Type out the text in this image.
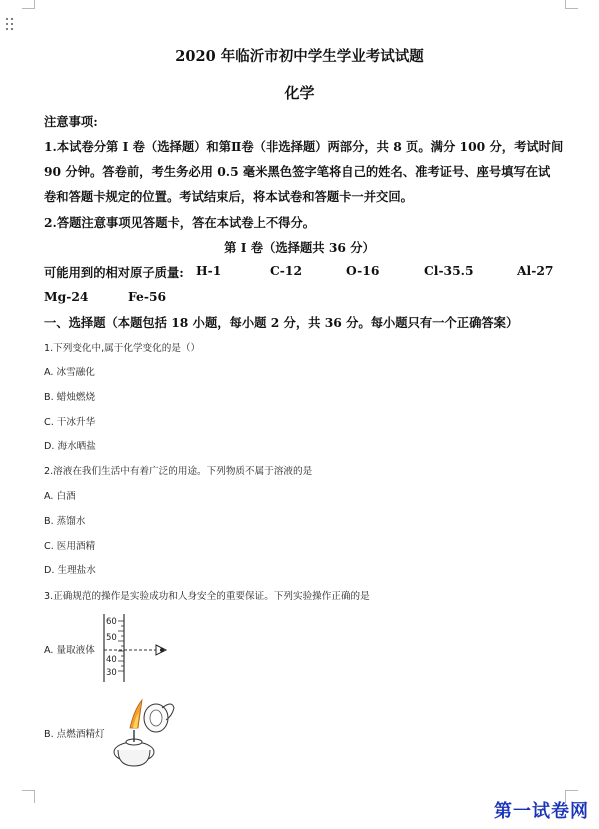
2020 年临沂市初中学生学业考试试题
化学
注意事项:
1.本试卷分第 I 卷（选择题）和第Ⅱ卷（非选择题）两部分，共 8 页。满分 100 分，考试时间
90 分钟。答卷前，考生务必用 0.5 毫米黑色签字笔将自己的姓名、准考证号、座号填写在试
卷和答题卡规定的位置。考试结束后，将本试卷和答题卡一并交回。
2.答题注意事项见答题卡，答在本试卷上不得分。
第 I 卷（选择题共 36 分）
可能用到的相对原子质量: H-1	C-12	O-16	Cl-35.5	Al-27
Mg-24	Fe-56
一、选择题（本题包括 18 小题，每小题 2 分，共 36 分。每小题只有一个正确答案）
1.下列变化中,属于化学变化的是（）
A. 冰雪融化
B. 蜡烛燃烧
C. 干冰升华
D. 海水晒盐
2.溶液在我们生活中有着广泛的用途。下列物质不属于溶液的是
A. 白酒
B. 蒸馏水
C. 医用酒精
D. 生理盐水
3.正确规范的操作是实验成功和人身安全的重要保证。下列实验操作正确的是
A. 量取液体
B. 点燃酒精灯
60
50
40
30
第一试卷网
